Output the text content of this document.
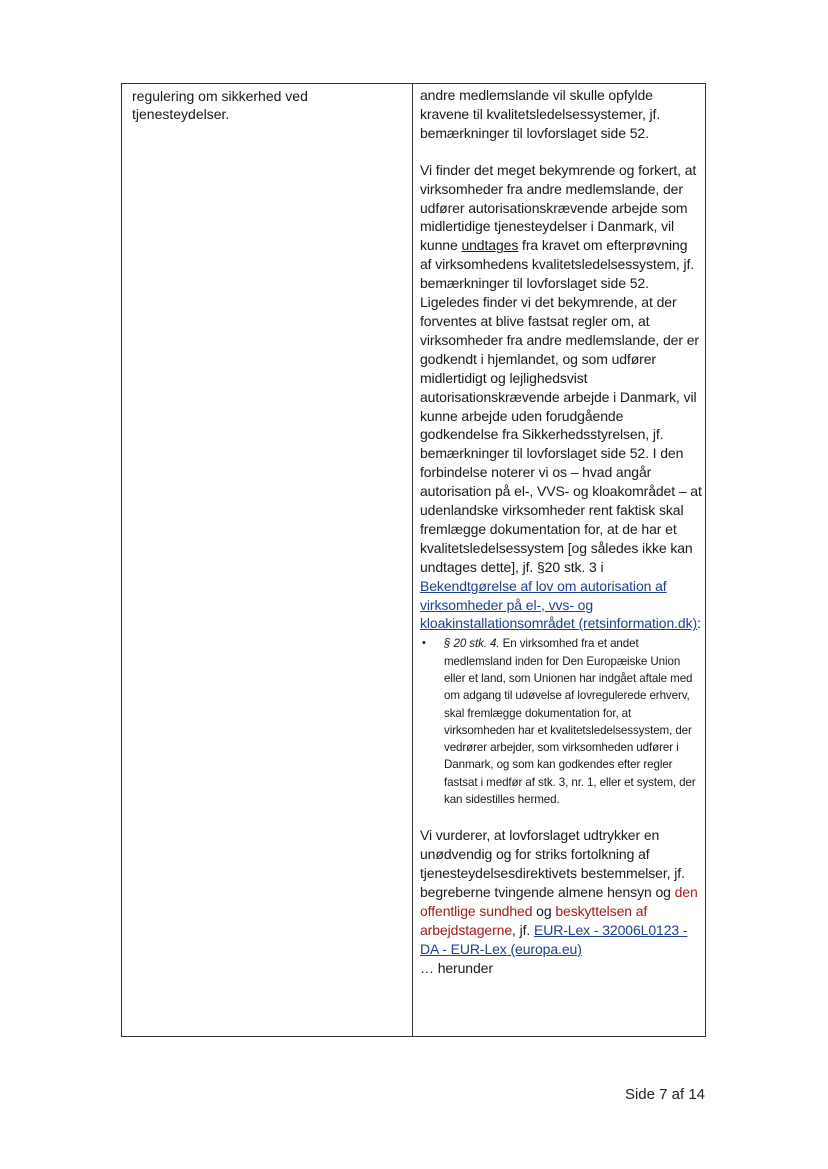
regulering om sikkerhed ved tjenesteydelser.

andre medlemslande vil skulle opfylde kravene til kvalitetsledelsessystemer, jf. bemærkninger til lovforslaget side 52.

Vi finder det meget bekymrende og forkert, at virksomheder fra andre medlemslande, der udfører autorisationskrævende arbejde som midlertidige tjenesteydelser i Danmark, vil kunne undtages fra kravet om efterprøvning af virksomhedens kvalitetsledelsessystem, jf. bemærkninger til lovforslaget side 52. Ligeledes finder vi det bekymrende, at der forventes at blive fastsat regler om, at virksomheder fra andre medlemslande, der er godkendt i hjemlandet, og som udfører midlertidigt og lejlighedsvist autorisationskrævende arbejde i Danmark, vil kunne arbejde uden forudgående godkendelse fra Sikkerhedsstyrelsen, jf. bemærkninger til lovforslaget side 52. I den forbindelse noterer vi os – hvad angår autorisation på el-, VVS- og kloakområdet – at udenlandske virksomheder rent faktisk skal fremlægge dokumentation for, at de har et kvalitetsledelsessystem [og således ikke kan undtages dette], jf. §20 stk. 3 i Bekendtgørelse af lov om autorisation af virksomheder på el-, vvs- og kloakinstallationsområdet (retsinformation.dk):

• § 20 stk. 4. En virksomhed fra et andet medlemsland inden for Den Europæiske Union eller et land, som Unionen har indgået aftale med om adgang til udøvelse af lovregulerede erhverv, skal fremlægge dokumentation for, at virksomheden har et kvalitetsledelsessystem, der vedrører arbejder, som virksomheden udfører i Danmark, og som kan godkendes efter regler fastsat i medfør af stk. 3, nr. 1, eller et system, der kan sidestilles hermed.

Vi vurderer, at lovforslaget udtrykker en unødvendig og for striks fortolkning af tjenesteydelsesdirektivets bestemmelser, jf. begreberne tvingende almene hensyn og den offentlige sundhed og beskyttelsen af arbejdstagerne, jf. EUR-Lex - 32006L0123 - DA - EUR-Lex (europa.eu)

… herunder

Side 7 af 14
